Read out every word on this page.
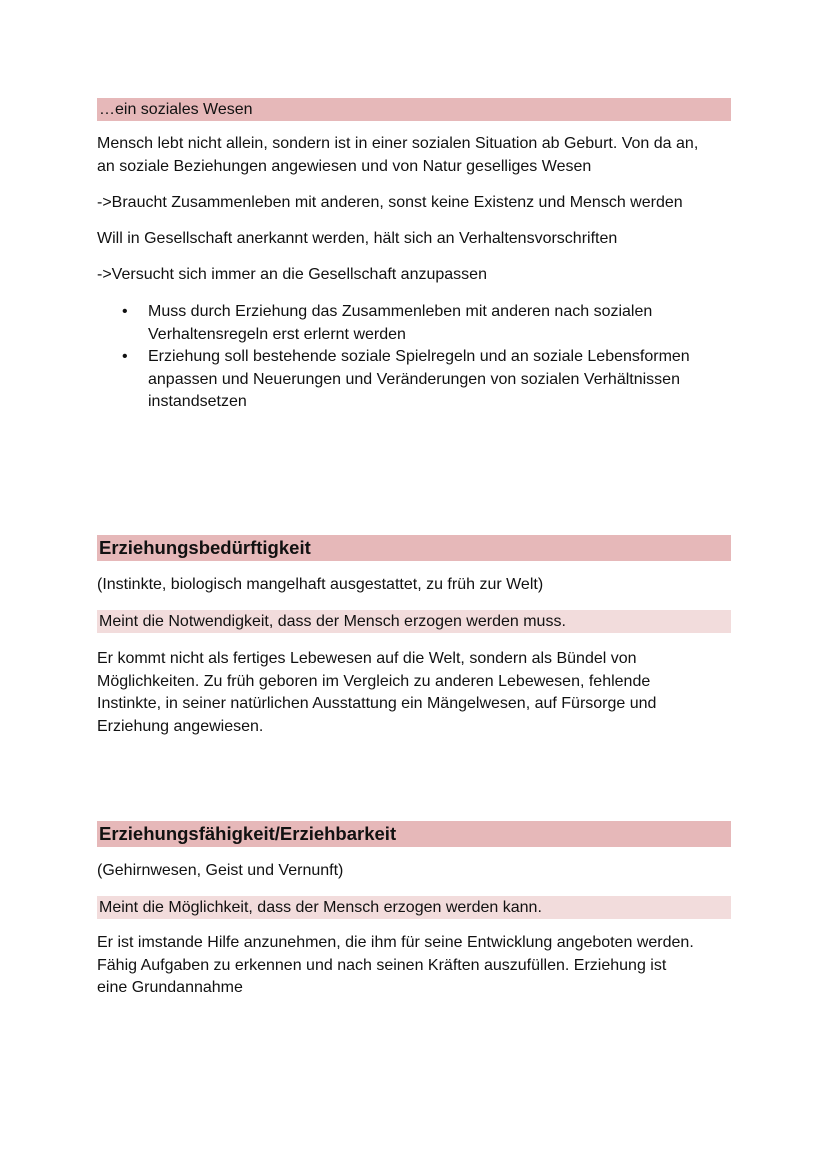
…ein soziales Wesen
Mensch lebt nicht allein, sondern ist in einer sozialen Situation ab Geburt. Von da an,
an soziale Beziehungen angewiesen und von Natur geselliges Wesen
->Braucht Zusammenleben mit anderen, sonst keine Existenz und Mensch werden
Will in Gesellschaft anerkannt werden, hält sich an Verhaltensvorschriften
->Versucht sich immer an die Gesellschaft anzupassen
• Muss durch Erziehung das Zusammenleben mit anderen nach sozialen
Verhaltensregeln erst erlernt werden
• Erziehung soll bestehende soziale Spielregeln und an soziale Lebensformen
anpassen und Neuerungen und Veränderungen von sozialen Verhältnissen
instandsetzen
Erziehungsbedürftigkeit
(Instinkte, biologisch mangelhaft ausgestattet, zu früh zur Welt)
Meint die Notwendigkeit, dass der Mensch erzogen werden muss.
Er kommt nicht als fertiges Lebewesen auf die Welt, sondern als Bündel von
Möglichkeiten. Zu früh geboren im Vergleich zu anderen Lebewesen, fehlende
Instinkte, in seiner natürlichen Ausstattung ein Mängelwesen, auf Fürsorge und
Erziehung angewiesen.
Erziehungsfähigkeit/Erziehbarkeit
(Gehirnwesen, Geist und Vernunft)
Meint die Möglichkeit, dass der Mensch erzogen werden kann.
Er ist imstande Hilfe anzunehmen, die ihm für seine Entwicklung angeboten werden.
Fähig Aufgaben zu erkennen und nach seinen Kräften auszufüllen. Erziehung ist
eine Grundannahme
